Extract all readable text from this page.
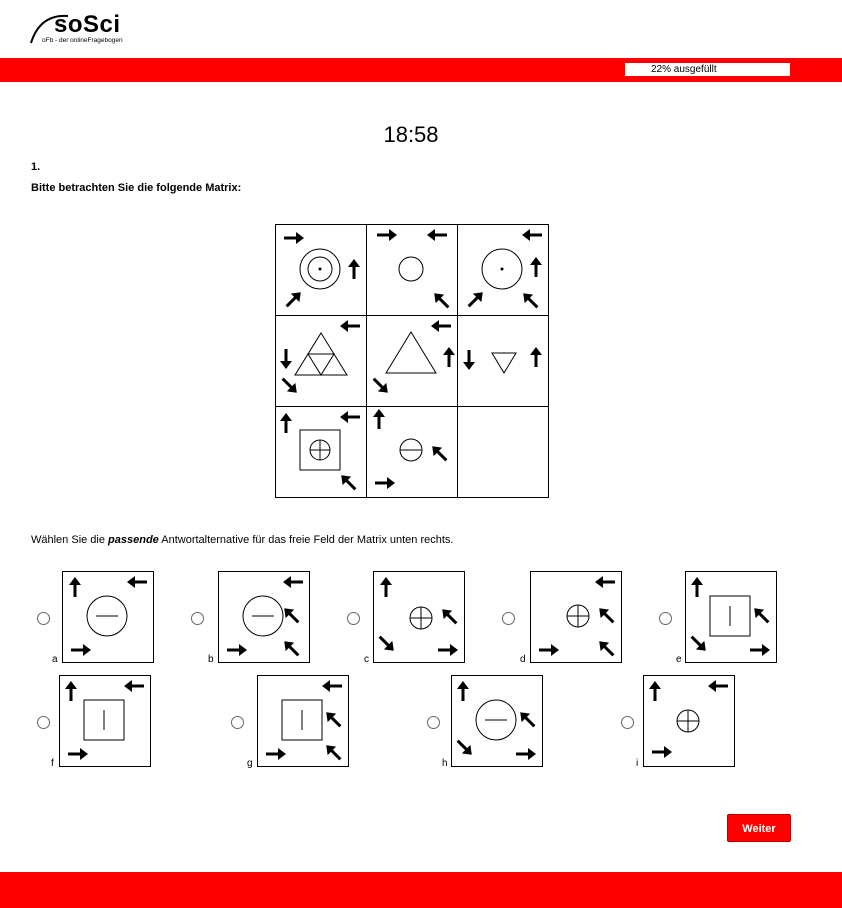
soSci
oFb - der onlineFragebogen
22% ausgefüllt
18:58
1.
Bitte betrachten Sie die folgende Matrix:
Wählen Sie die passende Antwortalternative für das freie Feld der Matrix unten rechts.
a	b	c	d	e
f	g	h	i
Weiter
